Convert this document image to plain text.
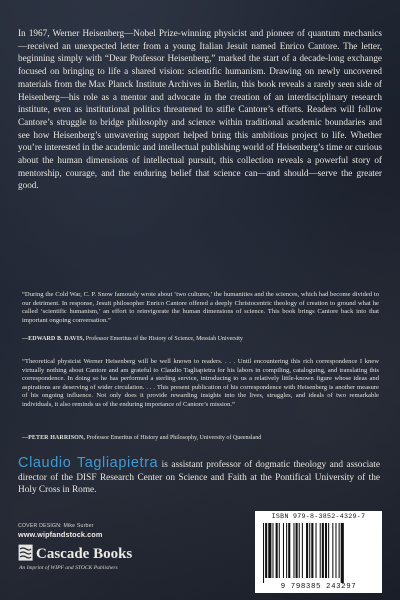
In 1967, Werner Heisenberg—Nobel Prize-winning physicist and pioneer of quantum mechanics—received an unexpected letter from a young Italian Jesuit named Enrico Cantore. The letter, beginning simply with “Dear Professor Heisenberg,” marked the start of a decade-long exchange focused on bringing to life a shared vision: scientific humanism. Drawing on newly uncovered materials from the Max Planck Institute Archives in Berlin, this book reveals a rarely seen side of Heisenberg—his role as a mentor and advocate in the creation of an interdisciplinary research institute, even as institutional politics threatened to stifle Cantore’s efforts. Readers will follow Cantore’s struggle to bridge philosophy and science within traditional academic boundaries and see how Heisenberg’s unwavering support helped bring this ambitious project to life. Whether you’re interested in the academic and intellectual publishing world of Heisenberg’s time or curious about the human dimensions of intellectual pursuit, this collection reveals a powerful story of mentorship, courage, and the enduring belief that science can—and should—serve the greater good.

“During the Cold War, C. P. Snow famously wrote about ‘two cultures,’ the humanities and the sciences, which had become divided to our detriment. In response, Jesuit philosopher Enrico Cantore offered a deeply Christocentric theology of creation to ground what he called ‘scientific humanism,’ an effort to reinvigorate the human dimensions of science. This book brings Cantore back into that important ongoing conversation.”

—EDWARD B. DAVIS, Professor Emeritus of the History of Science, Messiah University

“Theoretical physicist Werner Heisenberg will be well known to readers. . . . Until encountering this rich correspondence I knew virtually nothing about Cantore and am grateful to Claudio Tagliapietra for his labors in compiling, cataloguing, and translating this correspondence. In doing so he has performed a sterling service, introducing to us a relatively little-known figure whose ideas and aspirations are deserving of wider circulation. . . . This present publication of his correspondence with Heisenberg is another measure of his ongoing influence. Not only does it provide rewarding insights into the lives, struggles, and ideals of two remarkable individuals, it also reminds us of the enduring importance of Cantore’s mission.”

—PETER HARRISON, Professor Emeritus of History and Philosophy, University of Queensland

Claudio Tagliapietra is assistant professor of dogmatic theology and associate director of the DISF Research Center on Science and Faith at the Pontifical University of the Holy Cross in Rome.

COVER DESIGN: Mike Surber

www.wipfandstock.com

Cascade Books
An Imprint of WIPF and STOCK Publishers

ISBN 979-8-3852-4329-7

9 798385 243297
